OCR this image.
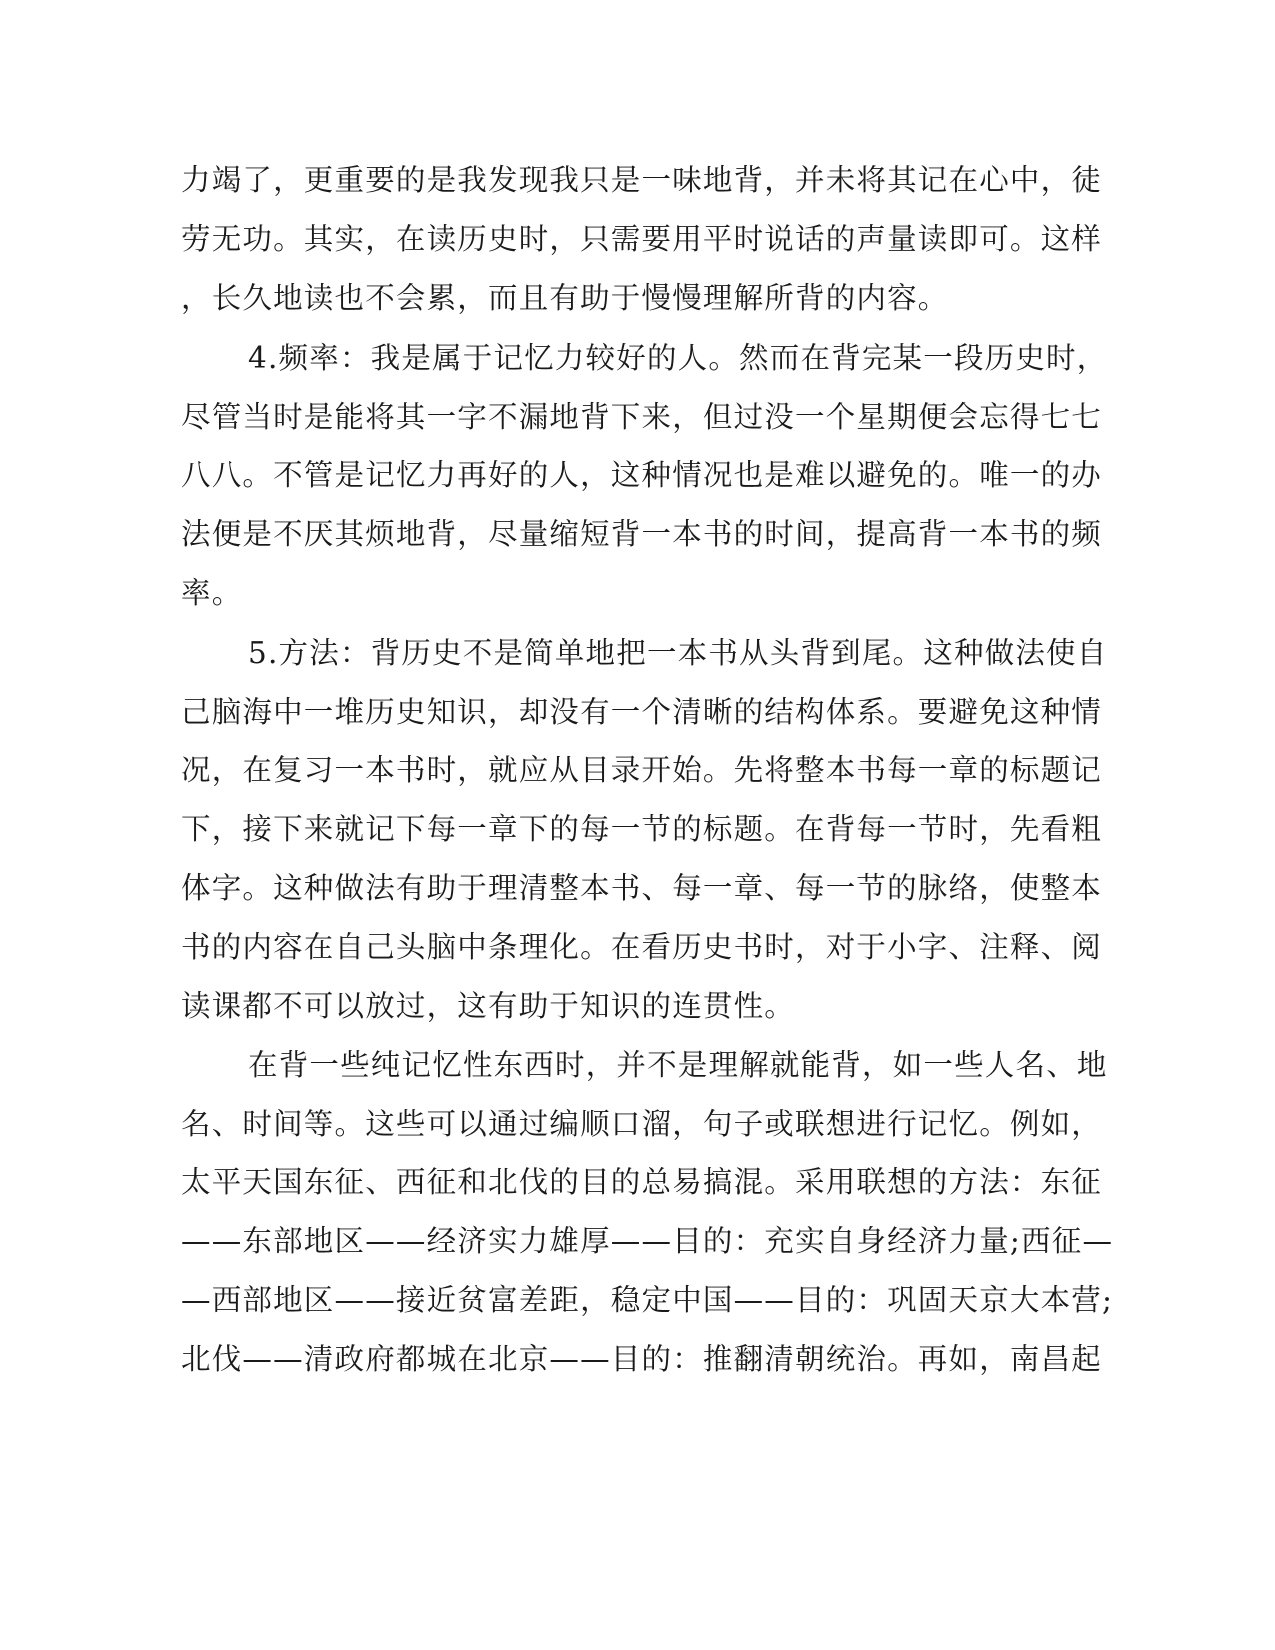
力竭了，更重要的是我发现我只是一味地背，并未将其记在心中，徒
劳无功。其实，在读历史时，只需要用平时说话的声量读即可。这样
，长久地读也不会累，而且有助于慢慢理解所背的内容。
4.频率：我是属于记忆力较好的人。然而在背完某一段历史时，
尽管当时是能将其一字不漏地背下来，但过没一个星期便会忘得七七
八八。不管是记忆力再好的人，这种情况也是难以避免的。唯一的办
法便是不厌其烦地背，尽量缩短背一本书的时间，提高背一本书的频
率。
5.方法：背历史不是简单地把一本书从头背到尾。这种做法使自
己脑海中一堆历史知识，却没有一个清晰的结构体系。要避免这种情
况，在复习一本书时，就应从目录开始。先将整本书每一章的标题记
下，接下来就记下每一章下的每一节的标题。在背每一节时，先看粗
体字。这种做法有助于理清整本书、每一章、每一节的脉络，使整本
书的内容在自己头脑中条理化。在看历史书时，对于小字、注释、阅
读课都不可以放过，这有助于知识的连贯性。
在背一些纯记忆性东西时，并不是理解就能背，如一些人名、地
名、时间等。这些可以通过编顺口溜，句子或联想进行记忆。例如，
太平天国东征、西征和北伐的目的总易搞混。采用联想的方法：东征
——东部地区——经济实力雄厚——目的：充实自身经济力量;西征—
—西部地区——接近贫富差距，稳定中国——目的：巩固天京大本营;
北伐——清政府都城在北京——目的：推翻清朝统治。再如，南昌起
